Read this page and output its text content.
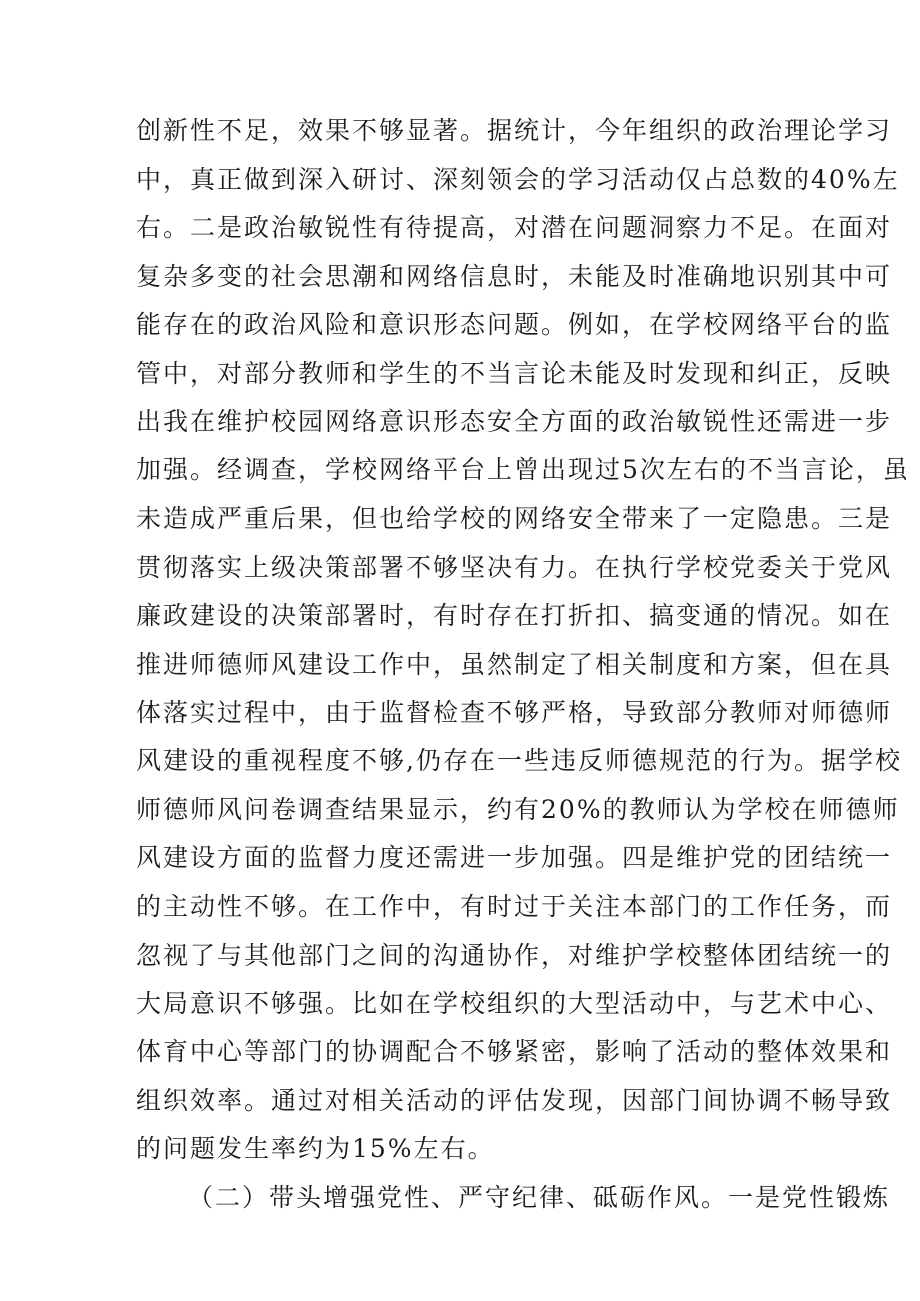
创新性不足，效果不够显著。据统计，今年组织的政治理论学习
中，真正做到深入研讨、深刻领会的学习活动仅占总数的40%左
右。二是政治敏锐性有待提高，对潜在问题洞察力不足。在面对
复杂多变的社会思潮和网络信息时，未能及时准确地识别其中可
能存在的政治风险和意识形态问题。例如，在学校网络平台的监
管中，对部分教师和学生的不当言论未能及时发现和纠正，反映
出我在维护校园网络意识形态安全方面的政治敏锐性还需进一步
加强。经调查，学校网络平台上曾出现过5次左右的不当言论，虽
未造成严重后果，但也给学校的网络安全带来了一定隐患。三是
贯彻落实上级决策部署不够坚决有力。在执行学校党委关于党风
廉政建设的决策部署时，有时存在打折扣、搞变通的情况。如在
推进师德师风建设工作中，虽然制定了相关制度和方案，但在具
体落实过程中，由于监督检查不够严格，导致部分教师对师德师
风建设的重视程度不够,仍存在一些违反师德规范的行为。据学校
师德师风问卷调查结果显示，约有20%的教师认为学校在师德师
风建设方面的监督力度还需进一步加强。四是维护党的团结统一
的主动性不够。在工作中，有时过于关注本部门的工作任务，而
忽视了与其他部门之间的沟通协作，对维护学校整体团结统一的
大局意识不够强。比如在学校组织的大型活动中，与艺术中心、
体育中心等部门的协调配合不够紧密，影响了活动的整体效果和
组织效率。通过对相关活动的评估发现，因部门间协调不畅导致
的问题发生率约为15%左右。
（二）带头增强党性、严守纪律、砥砺作风。一是党性锻炼
